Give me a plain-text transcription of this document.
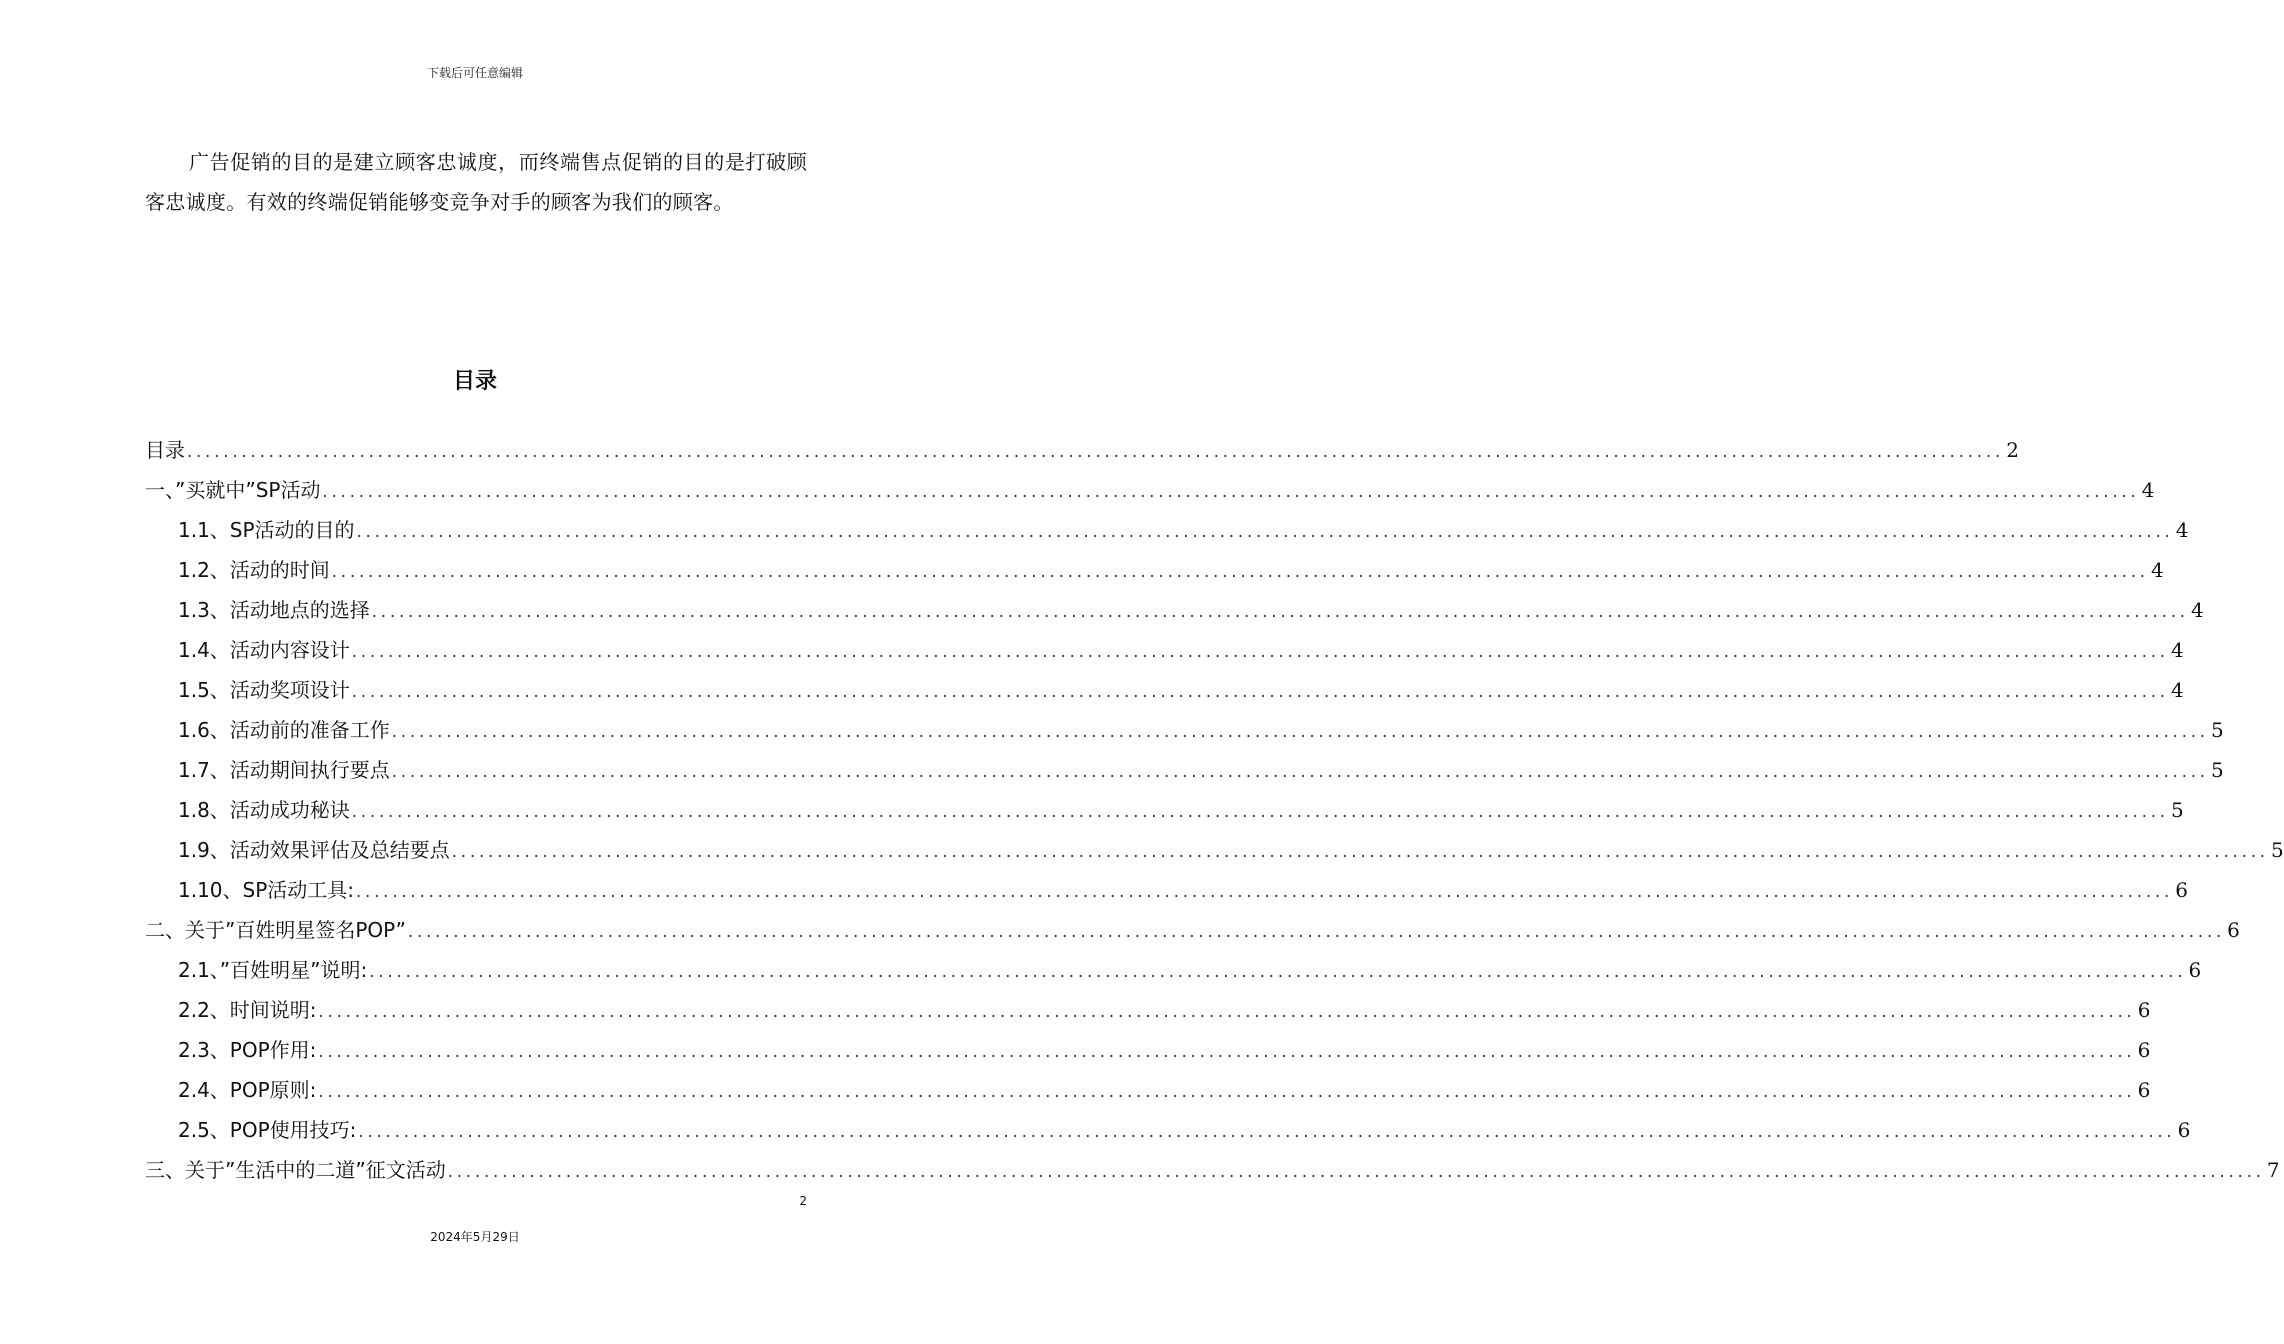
下载后可任意编辑

广告促销的目的是建立顾客忠诚度，而终端售点促销的目的是打破顾客忠诚度。有效的终端促销能够变竞争对手的顾客为我们的顾客。

目录
目录 ........................................................................................................................................................................................................ 2
一、”买就中”SP活动 ........................................................................................................................................................................................................ 4
1.1、SP活动的目的 ........................................................................................................................................................................................................ 4
1.2、活动的时间 ........................................................................................................................................................................................................ 4
1.3、活动地点的选择 ........................................................................................................................................................................................................ 4
1.4、活动内容设计 ........................................................................................................................................................................................................ 4
1.5、活动奖项设计 ........................................................................................................................................................................................................ 4
1.6、活动前的准备工作 ........................................................................................................................................................................................................ 5
1.7、活动期间执行要点 ........................................................................................................................................................................................................ 5
1.8、活动成功秘诀 ........................................................................................................................................................................................................ 5
1.9、活动效果评估及总结要点 ........................................................................................................................................................................................................ 5
1.10、SP活动工具: ........................................................................................................................................................................................................ 6
二、关于”百姓明星签名POP” ........................................................................................................................................................................................................ 6
2.1、”百姓明星”说明: ........................................................................................................................................................................................................ 6
2.2、时间说明: ........................................................................................................................................................................................................ 6
2.3、POP作用: ........................................................................................................................................................................................................ 6
2.4、POP原则: ........................................................................................................................................................................................................ 6
2.5、POP使用技巧: ........................................................................................................................................................................................................ 6
三、关于”生活中的二道”征文活动 ........................................................................................................................................................................................................ 7
2
2024年5月29日
